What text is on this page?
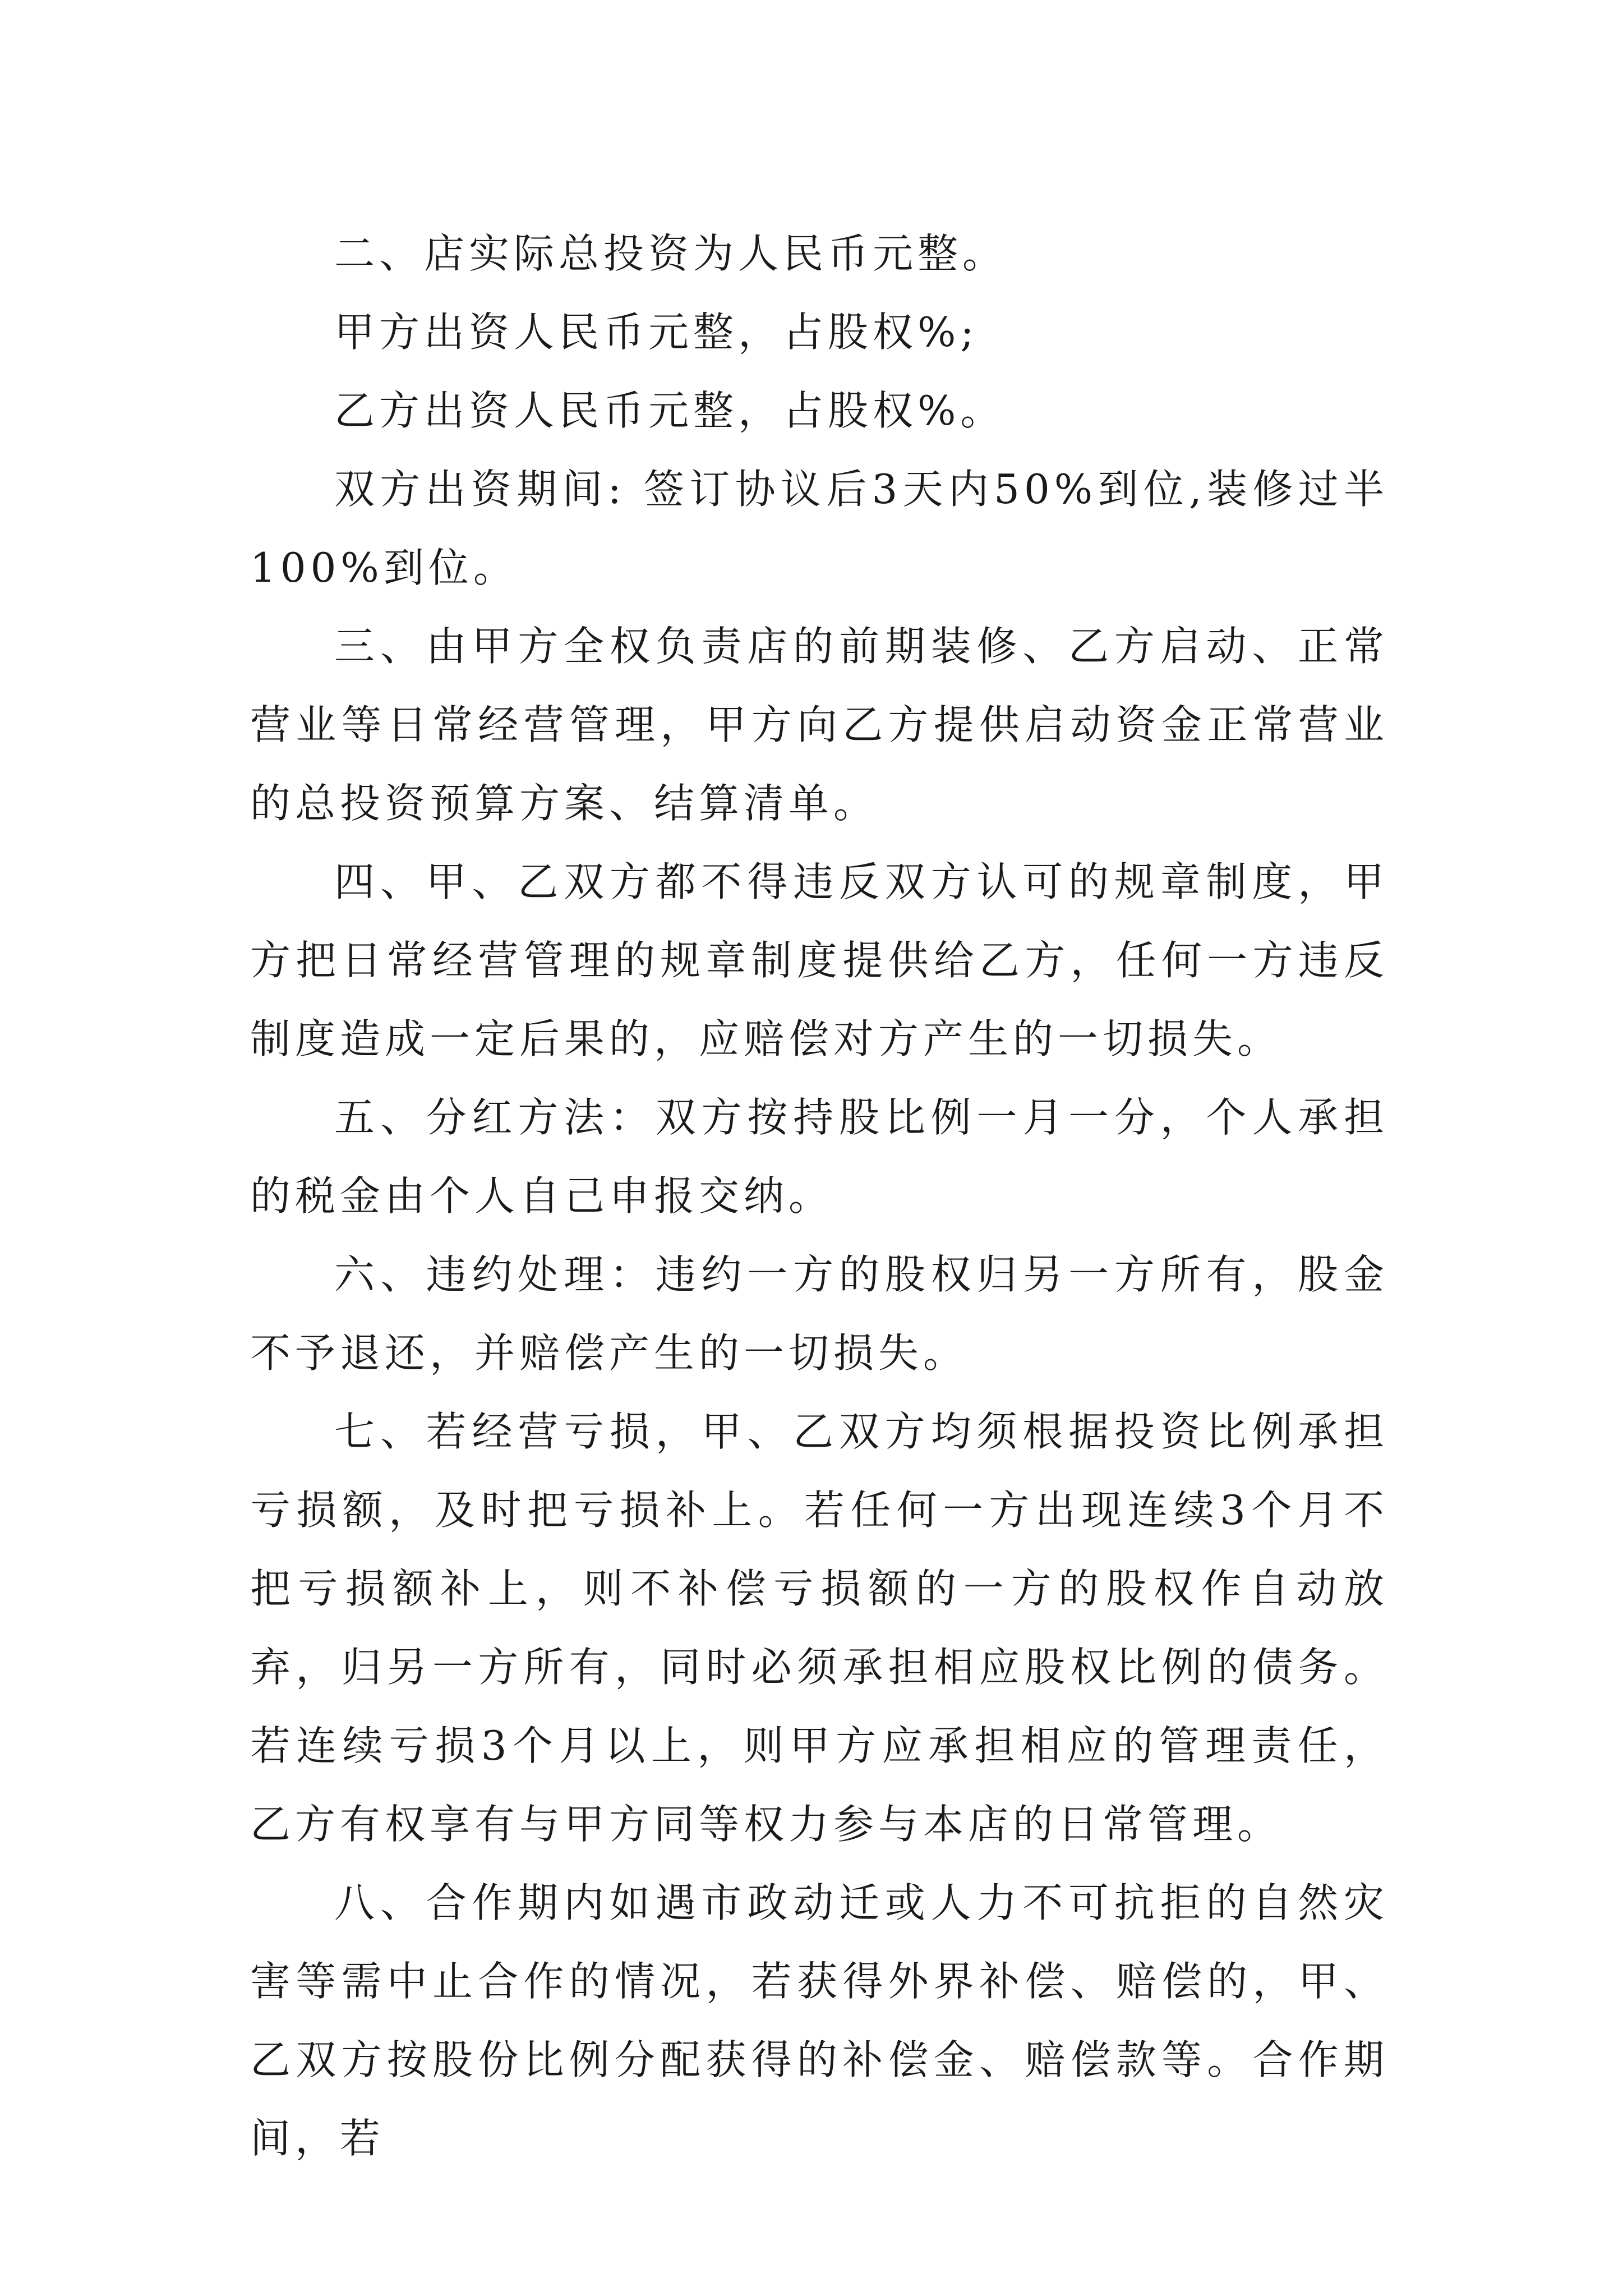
二、店实际总投资为人民币元整。

甲方出资人民币元整，占股权%;

乙方出资人民币元整，占股权%。

双方出资期间: 签订协议后3天内50%到位,装修过半100%到位。

三、由甲方全权负责店的前期装修、乙方启动、正常营业等日常经营管理，甲方向乙方提供启动资金正常营业的总投资预算方案、结算清单。

四、甲、乙双方都不得违反双方认可的规章制度，甲方把日常经营管理的规章制度提供给乙方，任何一方违反制度造成一定后果的，应赔偿对方产生的一切损失。

五、分红方法：双方按持股比例一月一分，个人承担的税金由个人自己申报交纳。

六、违约处理：违约一方的股权归另一方所有，股金不予退还，并赔偿产生的一切损失。

七、若经营亏损，甲、乙双方均须根据投资比例承担亏损额，及时把亏损补上。若任何一方出现连续3个月不把亏损额补上，则不补偿亏损额的一方的股权作自动放弃，归另一方所有，同时必须承担相应股权比例的债务。若连续亏损3个月以上，则甲方应承担相应的管理责任，乙方有权享有与甲方同等权力参与本店的日常管理。

八、合作期内如遇市政动迁或人力不可抗拒的自然灾害等需中止合作的情况，若获得外界补偿、赔偿的，甲、乙双方按股份比例分配获得的补偿金、赔偿款等。合作期间，若
